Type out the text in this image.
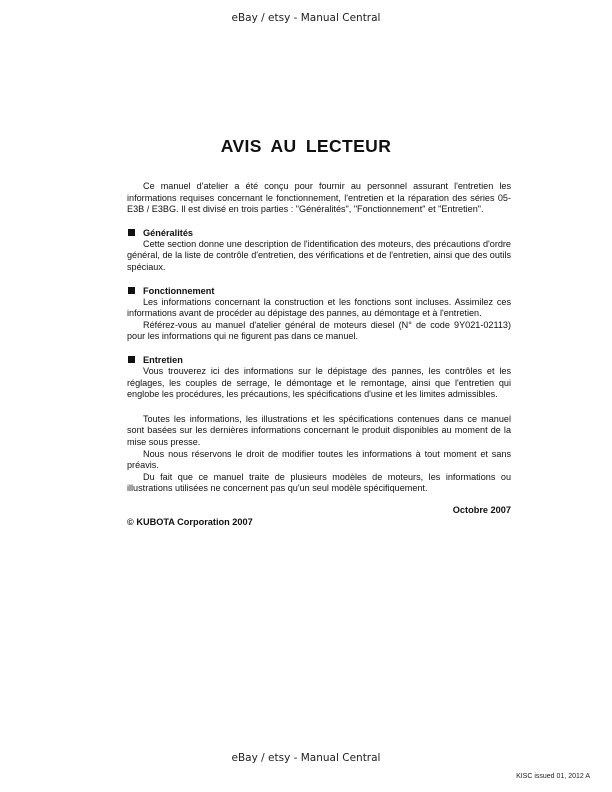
eBay / etsy - Manual Central
AVIS AU LECTEUR

Ce manuel d'atelier a été conçu pour fournir au personnel assurant l'entretien les informations requises concernant le fonctionnement, l'entretien et la réparation des séries 05-E3B / E3BG. Il est divisé en trois parties : "Généralités", "Fonctionnement" et "Entretien".

Généralités

Cette section donne une description de l'identification des moteurs, des précautions d'ordre général, de la liste de contrôle d'entretien, des vérifications et de l'entretien, ainsi que des outils spéciaux.

Fonctionnement

Les informations concernant la construction et les fonctions sont incluses. Assimilez ces informations avant de procéder au dépistage des pannes, au démontage et à l'entretien.

Référez-vous au manuel d'atelier général de moteurs diesel (N° de code 9Y021-02113) pour les informations qui ne figurent pas dans ce manuel.

Entretien

Vous trouverez ici des informations sur le dépistage des pannes, les contrôles et les réglages, les couples de serrage, le démontage et le remontage, ainsi que l'entretien qui englobe les procédures, les précautions, les spécifications d'usine et les limites admissibles.

Toutes les informations, les illustrations et les spécifications contenues dans ce manuel sont basées sur les dernières informations concernant le produit disponibles au moment de la mise sous presse.

Nous nous réservons le droit de modifier toutes les informations à tout moment et sans préavis.

Du fait que ce manuel traite de plusieurs modèles de moteurs, les informations ou illustrations utilisées ne concernent pas qu'un seul modèle spécifiquement.

Octobre 2007
© KUBOTA Corporation 2007
eBay / etsy - Manual Central
KISC issued 01, 2012 A
